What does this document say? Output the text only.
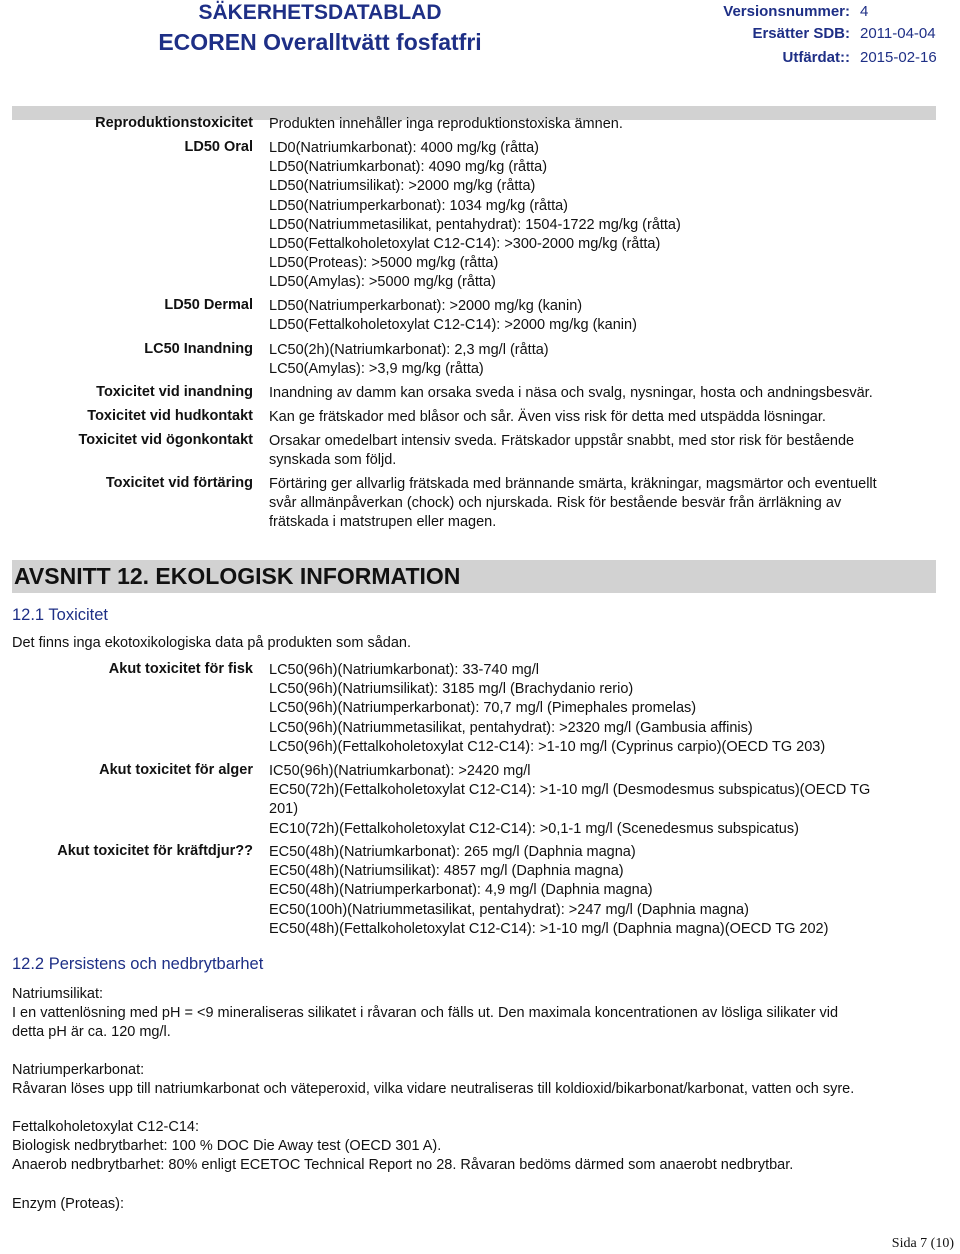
SÄKERHETSDATABLAD
ECOREN Overalltvätt fosfatfri
Versionsnummer: 4
Ersätter SDB: 2011-04-04
Utfärdat:: 2015-02-16
Reproduktionstoxicitet Produkten innehåller inga reproduktionstoxiska ämnen.
LD50 Oral LD0(Natriumkarbonat): 4000 mg/kg (råtta)
LD50(Natriumkarbonat): 4090 mg/kg (råtta)
LD50(Natriumsilikat): >2000 mg/kg (råtta)
LD50(Natriumperkarbonat): 1034 mg/kg (råtta)
LD50(Natriummetasilikat, pentahydrat): 1504-1722 mg/kg (råtta)
LD50(Fettalkoholetoxylat C12-C14): >300-2000 mg/kg (råtta)
LD50(Proteas): >5000 mg/kg (råtta)
LD50(Amylas): >5000 mg/kg (råtta)
LD50 Dermal LD50(Natriumperkarbonat): >2000 mg/kg (kanin)
LD50(Fettalkoholetoxylat C12-C14): >2000 mg/kg (kanin)
LC50 Inandning LC50(2h)(Natriumkarbonat): 2,3 mg/l (råtta)
LC50(Amylas): >3,9 mg/kg (råtta)
Toxicitet vid inandning Inandning av damm kan orsaka sveda i näsa och svalg, nysningar, hosta och andningsbesvär.
Toxicitet vid hudkontakt Kan ge frätskador med blåsor och sår. Även viss risk för detta med utspädda lösningar.
Toxicitet vid ögonkontakt Orsakar omedelbart intensiv sveda. Frätskador uppstår snabbt, med stor risk för bestående
synskada som följd.
Toxicitet vid förtäring Förtäring ger allvarlig frätskada med brännande smärta, kräkningar, magsmärtor och eventuellt
svår allmänpåverkan (chock) och njurskada. Risk för bestående besvär från ärrläkning av
frätskada i matstrupen eller magen.
AVSNITT 12. EKOLOGISK INFORMATION
12.1 Toxicitet
Det finns inga ekotoxikologiska data på produkten som sådan.
Akut toxicitet för fisk LC50(96h)(Natriumkarbonat): 33-740 mg/l
LC50(96h)(Natriumsilikat): 3185 mg/l (Brachydanio rerio)
LC50(96h)(Natriumperkarbonat): 70,7 mg/l (Pimephales promelas)
LC50(96h)(Natriummetasilikat, pentahydrat): >2320 mg/l (Gambusia affinis)
LC50(96h)(Fettalkoholetoxylat C12-C14): >1-10 mg/l (Cyprinus carpio)(OECD TG 203)
Akut toxicitet för alger IC50(96h)(Natriumkarbonat): >2420 mg/l
EC50(72h)(Fettalkoholetoxylat C12-C14): >1-10 mg/l (Desmodesmus subspicatus)(OECD TG
201)
EC10(72h)(Fettalkoholetoxylat C12-C14): >0,1-1 mg/l (Scenedesmus subspicatus)
Akut toxicitet för kräftdjur?? EC50(48h)(Natriumkarbonat): 265 mg/l (Daphnia magna)
EC50(48h)(Natriumsilikat): 4857 mg/l (Daphnia magna)
EC50(48h)(Natriumperkarbonat): 4,9 mg/l (Daphnia magna)
EC50(100h)(Natriummetasilikat, pentahydrat): >247 mg/l (Daphnia magna)
EC50(48h)(Fettalkoholetoxylat C12-C14): >1-10 mg/l (Daphnia magna)(OECD TG 202)
12.2 Persistens och nedbrytbarhet
Natriumsilikat:
I en vattenlösning med pH = <9 mineraliseras silikatet i råvaran och fälls ut. Den maximala koncentrationen av lösliga silikater vid
detta pH är ca. 120 mg/l.
Natriumperkarbonat:
Råvaran löses upp till natriumkarbonat och väteperoxid, vilka vidare neutraliseras till koldioxid/bikarbonat/karbonat, vatten och syre.
Fettalkoholetoxylat C12-C14:
Biologisk nedbrytbarhet: 100 % DOC Die Away test (OECD 301 A).
Anaerob nedbrytbarhet: 80% enligt ECETOC Technical Report no 28. Råvaran bedöms därmed som anaerobt nedbrytbar.
Enzym (Proteas):
Sida 7 (10)
